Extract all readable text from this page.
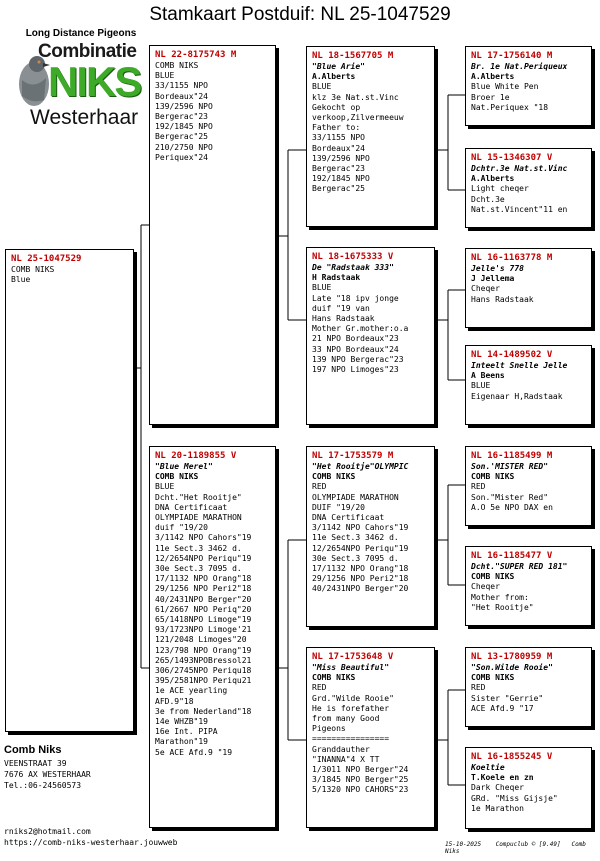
Stamkaart Postduif: NL 25-1047529
Long Distance Pigeons
Combinatie
NIKS
Westerhaar
NL 25-1047529
COMB NIKS
Blue
NL 22-8175743 M
COMB NIKS
BLUE
33/1155 NPO
Bordeaux"24
139/2596 NPO
Bergerac"23
192/1845 NPO
Bergerac"25
210/2750 NPO
Periquex"24
NL 20-1189855 V
"Blue Merel"
COMB NIKS
BLUE
Dcht."Het Rooitje"
DNA Certificaat
OLYMPIADE MARATHON
duif "19/20
3/1142 NPO Cahors"19
11e Sect.3 3462 d.
12/2654NPO Periqu"19
30e Sect.3 7095 d.
17/1132 NPO Orang"18
29/1256 NPO Peri2"18
40/2431NPO Berger"20
61/2667 NPO Periq"20
65/1418NPO Limoge"19
93/1723NPO Limoge'21
121/2048 Limoges"20
123/798 NPO Orang"19
265/1493NPOBressol21
306/2745NPO Periqu18
395/2581NPO Periqu21
1e ACE yearling
AFD.9"18
3e from Nederland"18
14e WHZB"19
16e Int. PIPA
Marathon"19
5e ACE Afd.9 "19
NL 18-1567705 M
"Blue Arie"
A.Alberts
BLUE
klz 3e Nat.st.Vinc
Gekocht op
verkoop,Zilvermeeuw
Father to:
33/1155 NPO
Bordeaux"24
139/2596 NPO
Bergerac"23
192/1845 NPO
Bergerac"25
NL 18-1675333 V
De "Radstaak 333"
H Radstaak
BLUE
Late "18 ipv jonge
duif "19 van
Hans Radstaak
Mother Gr.mother:o.a
21 NPO Bordeaux"23
33 NPO Bordeaux"24
139 NPO Bergerac"23
197 NPO Limoges"23
NL 17-1753579 M
"Het Rooitje"OLYMPIC
COMB NIKS
RED
OLYMPIADE MARATHON
DUIF "19/20
DNA Certificaat
3/1142 NPO Cahors"19
11e Sect.3 3462 d.
12/2654NPO Periqu"19
30e Sect.3 7095 d.
17/1132 NPO Orang"18
29/1256 NPO Peri2"18
40/2431NPO Berger"20
NL 17-1753648 V
"Miss Beautiful"
COMB NIKS
RED
Grd."Wilde Rooie"
He is forefather
from many Good
Pigeons
================
Granddauther
"INANNA"4 X TT
1/3011 NPO Berger"24
3/1845 NPO Berger"25
5/1320 NPO CAHORS"23
NL 17-1756140 M
Br. 1e Nat.Periqueux
A.Alberts
Blue White Pen
Broer 1e
Nat.Periquex "18
NL 15-1346307 V
Dchtr.3e Nat.st.Vinc
A.Alberts
Light cheqer
Dcht.3e
Nat.st.Vincent"11 en
NL 16-1163778 M
Jelle's 778
J Jellema
Cheqer
Hans Radstaak
NL 14-1489502 V
Inteelt Snelle Jelle
A Beens
BLUE
Eigenaar H,Radstaak
NL 16-1185499 M
Son.'MISTER RED"
COMB NIKS
RED
Son."Mister Red"
A.O 5e NPO DAX en
NL 16-1185477 V
Dcht."SUPER RED 181"
COMB NIKS
Cheqer
Mother from:
"Het Rooitje"
NL 13-1780959 M
"Son.Wilde Rooie"
COMB NIKS
RED
Sister "Gerrie"
ACE Afd.9 "17
NL 16-1855245 V
Koeltie
T.Koele en zn
Dark Cheqer
GRd. "Miss Gijsje"
1e Marathon
Comb Niks
VEENSTRAAT 39
7676 AX WESTERHAAR
Tel.:06-24560573
rniks2@hotmail.com
https://comb-niks-westerhaar.jouwweb	15-10-2025 Compuclub © [9.49] Comb Niks
